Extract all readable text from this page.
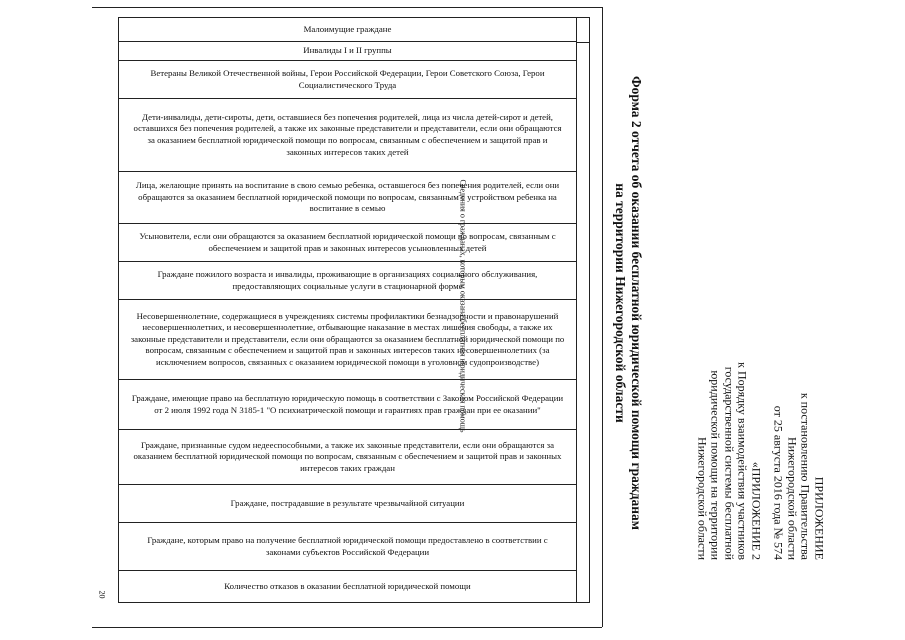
Малоимущие граждане
Инвалиды I и II группы
Ветераны Великой Отечественной войны, Герои Российской Федерации, Герои Советского Союза, Герои Социалистического Труда
Дети-инвалиды, дети-сироты, дети, оставшиеся без попечения родителей, лица из числа детей-сирот и детей, оставшихся без попечения родителей, а также их законные представители и представители, если они обращаются за оказанием бесплатной юридической помощи по вопросам, связанным с обеспечением и защитой прав и законных интересов таких детей
Лица, желающие принять на воспитание в свою семью ребенка, оставшегося без попечения родителей, если они обращаются за оказанием бесплатной юридической помощи по вопросам, связанным с устройством ребенка на воспитание в семью
Усыновители, если они обращаются за оказанием бесплатной юридической помощи по вопросам, связанным с обеспечением и защитой прав и законных интересов усыновленных детей
Граждане пожилого возраста и инвалиды, проживающие в организациях социального обслуживания, предоставляющих социальные услуги в стационарной форме
Несовершеннолетние, содержащиеся в учреждениях системы профилактики безнадзорности и правонарушений несовершеннолетних, и несовершеннолетние, отбывающие наказание в местах лишения свободы, а также их законные представители и представители, если они обращаются за оказанием бесплатной юридической помощи по вопросам, связанным с обеспечением и защитой прав и законных интересов таких несовершеннолетних (за исключением вопросов, связанных с оказанием юридической помощи в уголовном судопроизводстве)
Граждане, имеющие право на бесплатную юридическую помощь в соответствии с Законом Российской Федерации от 2 июля 1992 года N 3185-1 "О психиатрической помощи и гарантиях прав граждан при ее оказании"
Граждане, признанные судом недееспособными, а также их законные представители, если они обращаются за оказанием бесплатной юридической помощи по вопросам, связанным с обеспечением и защитой прав и законных интересов таких граждан
Граждане, пострадавшие в результате чрезвычайной ситуации
Граждане, которым право на получение бесплатной юридической помощи предоставлено в соответствии с законами субъектов Российской Федерации
Количество отказов в оказании бесплатной юридической помощи
Сведения о гражданах, которым оказана бесплатная юридическая помощь	Форма 2 отчета об оказании бесплатной юридической помощи гражданам
на территории Нижегородской области

ПРИЛОЖЕНИЕ

к постановлению Правительства

Нижегородской области

от 25 августа 2016 года № 574

«ПРИЛОЖЕНИЕ 2

к Порядку взаимодействия участников

государственной системы бесплатной

юридической помощи на территории

Нижегородской области

20
